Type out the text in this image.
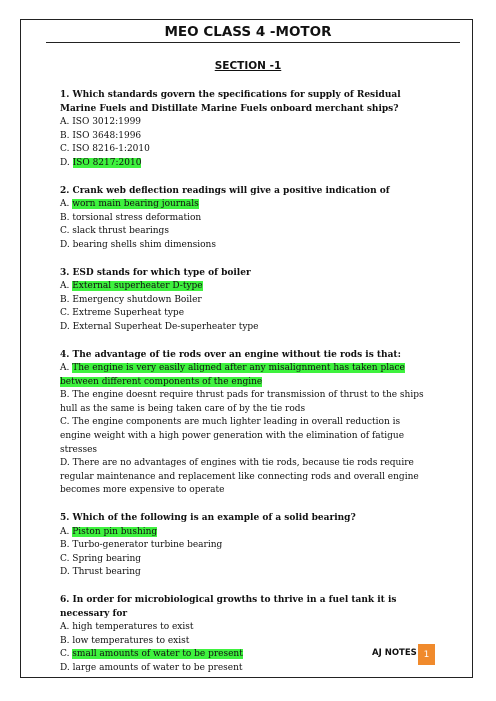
MEO CLASS 4 -MOTOR
SECTION -1
1. Which standards govern the specifications for supply of Residual Marine Fuels and Distillate Marine Fuels onboard merchant ships?
A. ISO 3012:1999
B. ISO 3648:1996
C. ISO 8216-1:2010
D. ISO 8217:2010
2. Crank web deflection readings will give a positive indication of
A. worn main bearing journals
B. torsional stress deformation
C. slack thrust bearings
D. bearing shells shim dimensions
3. ESD stands for which type of boiler
A. External superheater D-type
B. Emergency shutdown Boiler
C. Extreme Superheat type
D. External Superheat De-superheater type
4. The advantage of tie rods over an engine without tie rods is that:
A. The engine is very easily aligned after any misalignment has taken place between different components of the engine
B. The engine doesnt require thrust pads for transmission of thrust to the ships hull as the same is being taken care of by the tie rods
C. The engine components are much lighter leading in overall reduction is engine weight with a high power generation with the elimination of fatigue stresses
D. There are no advantages of engines with tie rods, because tie rods require regular maintenance and replacement like connecting rods and overall engine becomes more expensive to operate
5. Which of the following is an example of a solid bearing?
A. Piston pin bushing
B. Turbo-generator turbine bearing
C. Spring bearing
D. Thrust bearing
6. In order for microbiological growths to thrive in a fuel tank it is necessary for
A. high temperatures to exist
B. low temperatures to exist
C. small amounts of water to be present
D. large amounts of water to be present
AJ NOTES 1
